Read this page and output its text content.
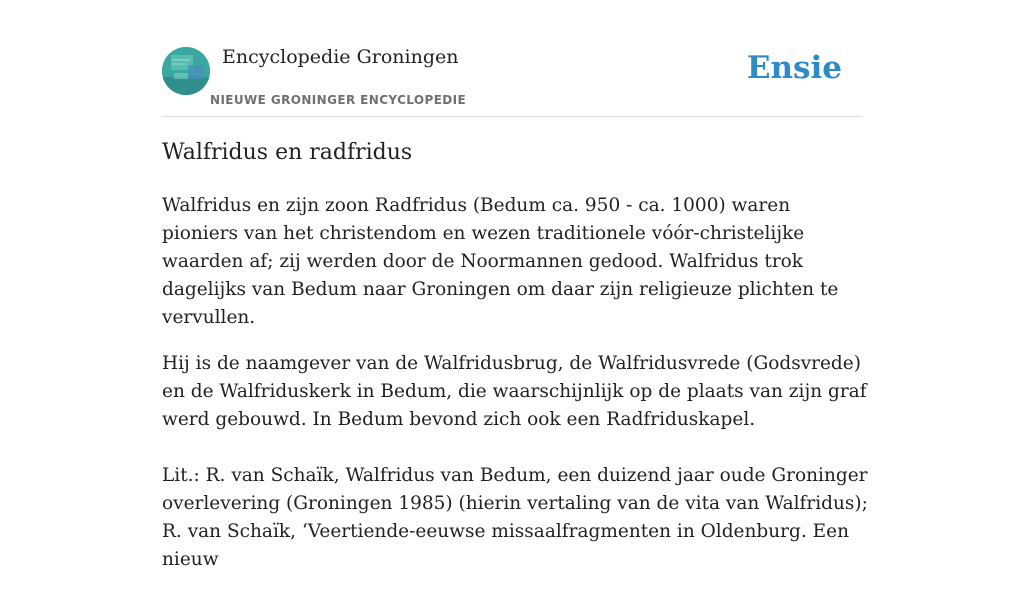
Encyclopedie Groningen
NIEUWE GRONINGER ENCYCLOPEDIE
Ensie
Walfridus en radfridus

Walfridus en zijn zoon Radfridus (Bedum ca. 950 - ca. 1000) waren pioniers van het christendom en wezen traditionele vóór-christelijke waarden af; zij werden door de Noormannen gedood. Walfridus trok dagelijks van Bedum naar Groningen om daar zijn religieuze plichten te vervullen.

Hij is de naamgever van de Walfridusbrug, de Walfridusvrede (Godsvrede) en de Walfriduskerk in Bedum, die waarschijnlijk op de plaats van zijn graf werd gebouwd. In Bedum bevond zich ook een Radfriduskapel.

Lit.: R. van Schaïk, Walfridus van Bedum, een duizend jaar oude Groninger overlevering (Groningen 1985) (hierin vertaling van de vita van Walfridus); R. van Schaïk, ‘Veertiende-eeuwse missaalfragmenten in Oldenburg. Een nieuw
